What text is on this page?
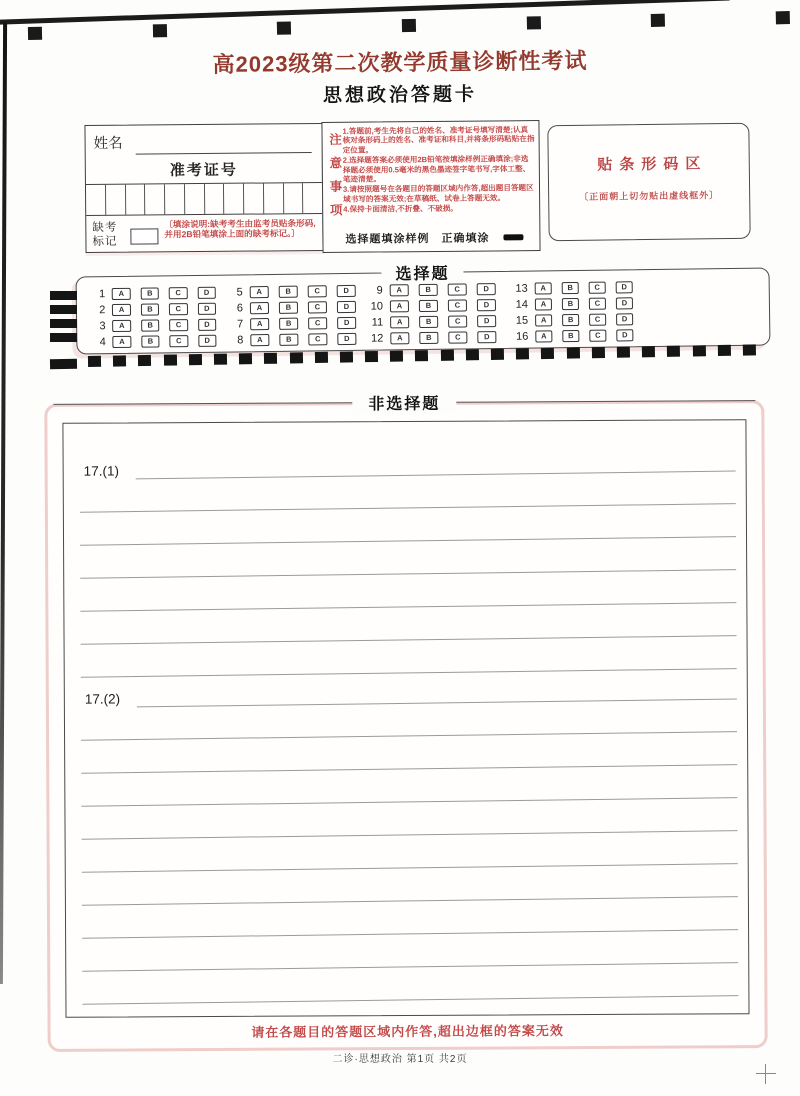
高2023级第二次教学质量诊断性考试
思想政治答题卡
姓名
准考证号
缺考标记
〔填涂说明:缺考考生由监考员贴条形码,并用2B铅笔填涂上面的缺考标记。〕
注意事项
1.答题前,考生先将自己的姓名、准考证号填写清楚;认真核对条形码上的姓名、准考证和科目,并将条形码粘贴在指定位置。
2.选择题答案必须使用2B铅笔按填涂样例正确填涂;非选择题必须使用0.5毫米的黑色墨迹签字笔书写,字体工整、笔迹清楚。
3.请按照题号在各题目的答题区域内作答,超出题目答题区域书写的答案无效;在草稿纸、试卷上答题无效。
4.保持卡面清洁,不折叠、不破损。
选择题填涂样例 正确填涂
贴条形码区
〔正面朝上切勿贴出虚线框外〕
选择题
1	A	B	C	D	5	A	B	C	D	9	A	B	C	D	13	A	B	C	D
2	A	B	C	D	6	A	B	C	D	10	A	B	C	D	14	A	B	C	D
3	A	B	C	D	7	A	B	C	D	11	A	B	C	D	15	A	B	C	D
4	A	B	C	D	8	A	B	C	D	12	A	B	C	D	16	A	B	C	D
非选择题
17.(1)
17.(2)
请在各题目的答题区域内作答,超出边框的答案无效
二诊·思想政治 第1页 共2页
